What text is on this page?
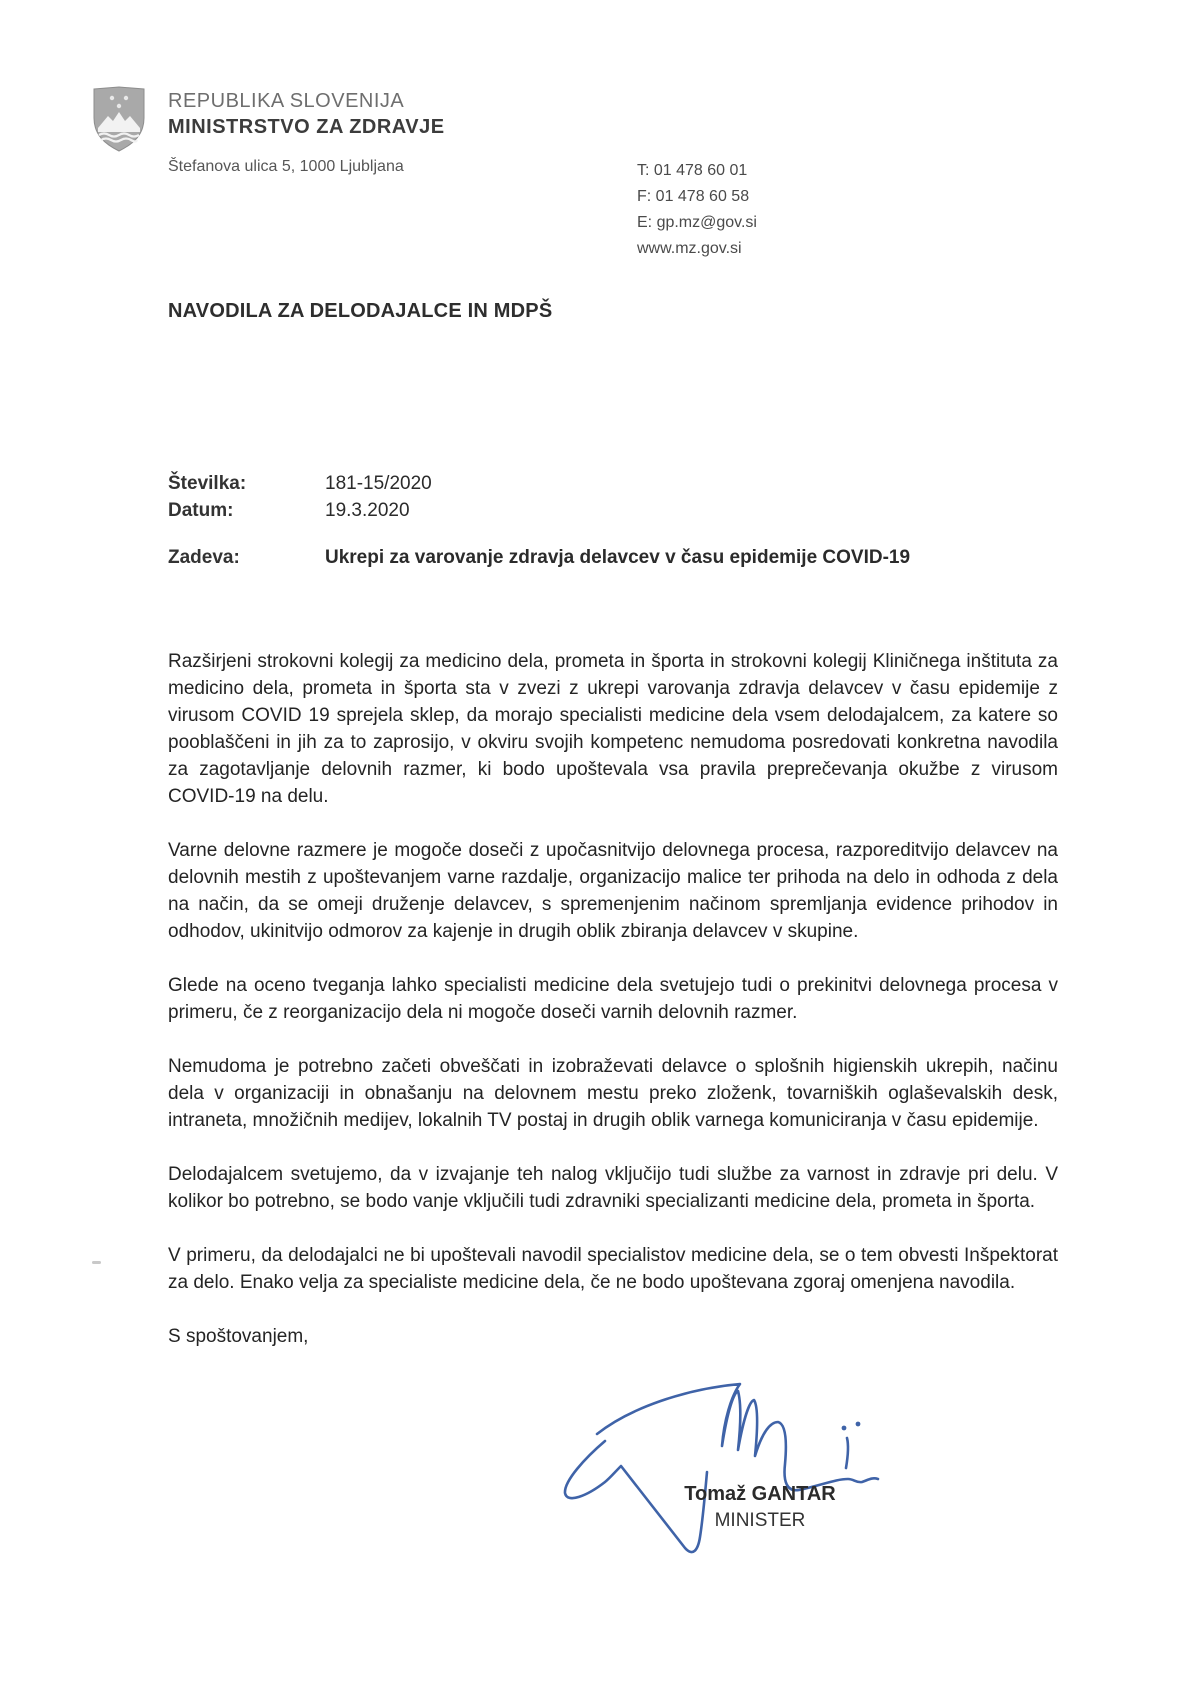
REPUBLIKA SLOVENIJA
MINISTRSTVO ZA ZDRAVJE
Štefanova ulica 5, 1000 Ljubljana	T: 01 478 60 01
F: 01 478 60 58
E: gp.mz@gov.si
www.mz.gov.si
NAVODILA ZA DELODAJALCE IN MDPŠ
Številka:	181-15/2020
Datum:	19.3.2020
Zadeva:	Ukrepi za varovanje zdravja delavcev v času epidemije COVID-19

Razširjeni strokovni kolegij za medicino dela, prometa in športa in strokovni kolegij Kliničnega inštituta za medicino dela, prometa in športa sta v zvezi z ukrepi varovanja zdravja delavcev v času epidemije z virusom COVID 19 sprejela sklep, da morajo specialisti medicine dela vsem delodajalcem, za katere so pooblaščeni in jih za to zaprosijo, v okviru svojih kompetenc nemudoma posredovati konkretna navodila za zagotavljanje delovnih razmer, ki bodo upoštevala vsa pravila preprečevanja okužbe z virusom COVID-19 na delu.

Varne delovne razmere je mogoče doseči z upočasnitvijo delovnega procesa, razporeditvijo delavcev na delovnih mestih z upoštevanjem varne razdalje, organizacijo malice ter prihoda na delo in odhoda z dela na način, da se omeji druženje delavcev, s spremenjenim načinom spremljanja evidence prihodov in odhodov, ukinitvijo odmorov za kajenje in drugih oblik zbiranja delavcev v skupine.

Glede na oceno tveganja lahko specialisti medicine dela svetujejo tudi o prekinitvi delovnega procesa v primeru, če z reorganizacijo dela ni mogoče doseči varnih delovnih razmer.

Nemudoma je potrebno začeti obveščati in izobraževati delavce o splošnih higienskih ukrepih, načinu dela v organizaciji in obnašanju na delovnem mestu preko zloženk, tovarniških oglaševalskih desk, intraneta, množičnih medijev, lokalnih TV postaj in drugih oblik varnega komuniciranja v času epidemije.

Delodajalcem svetujemo, da v izvajanje teh nalog vključijo tudi službe za varnost in zdravje pri delu. V kolikor bo potrebno, se bodo vanje vključili tudi zdravniki specializanti medicine dela, prometa in športa.

V primeru, da delodajalci ne bi upoštevali navodil specialistov medicine dela, se o tem obvesti Inšpektorat za delo. Enako velja za specialiste medicine dela, če ne bodo upoštevana zgoraj omenjena navodila.

S spoštovanjem,

Tomaž GANTAR
MINISTER
